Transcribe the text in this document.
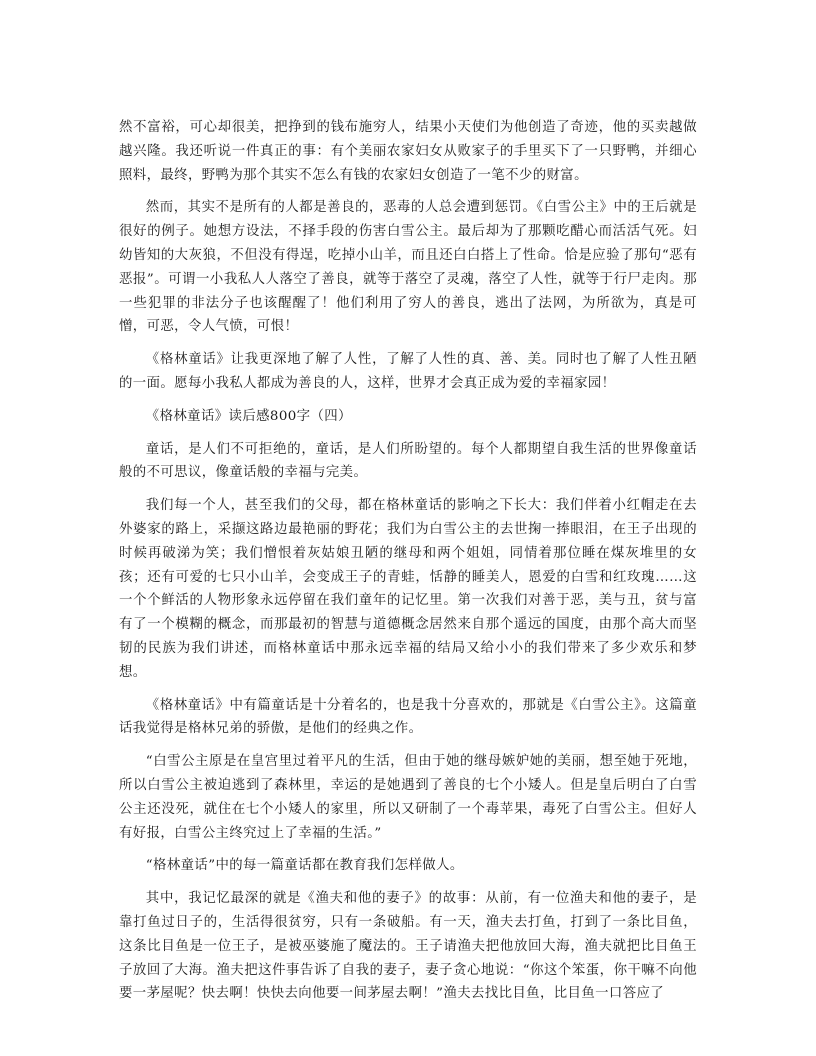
然不富裕，可心却很美，把挣到的钱布施穷人，结果小天使们为他创造了奇迹，他的买卖越做越兴隆。我还听说一件真正的事：有个美丽农家妇女从败家子的手里买下了一只野鸭，并细心照料，最终，野鸭为那个其实不怎么有钱的农家妇女创造了一笔不少的财富。

然而，其实不是所有的人都是善良的，恶毒的人总会遭到惩罚。《白雪公主》中的王后就是很好的例子。她想方设法，不择手段的伤害白雪公主。最后却为了那颗吃醋心而活活气死。妇幼皆知的大灰狼，不但没有得逞，吃掉小山羊，而且还白白搭上了性命。恰是应验了那句“恶有恶报”。可谓一小我私人人落空了善良，就等于落空了灵魂，落空了人性，就等于行尸走肉。那一些犯罪的非法分子也该醒醒了！他们利用了穷人的善良，逃出了法网，为所欲为，真是可憎，可恶，令人气愤，可恨！

《格林童话》让我更深地了解了人性，了解了人性的真、善、美。同时也了解了人性丑陋的一面。愿每小我私人都成为善良的人，这样，世界才会真正成为爱的幸福家园！

《格林童话》读后感800字（四）

童话，是人们不可拒绝的，童话，是人们所盼望的。每个人都期望自我生活的世界像童话般的不可思议，像童话般的幸福与完美。

我们每一个人，甚至我们的父母，都在格林童话的影响之下长大：我们伴着小红帽走在去外婆家的路上，采撷这路边最艳丽的野花；我们为白雪公主的去世掬一捧眼泪，在王子出现的时候再破涕为笑；我们憎恨着灰姑娘丑陋的继母和两个姐姐，同情着那位睡在煤灰堆里的女孩；还有可爱的七只小山羊，会变成王子的青蛙，恬静的睡美人，恩爱的白雪和红玫瑰……这一个个鲜活的人物形象永远停留在我们童年的记忆里。第一次我们对善于恶，美与丑，贫与富有了一个模糊的概念，而那最初的智慧与道德概念居然来自那个遥远的国度，由那个高大而坚韧的民族为我们讲述，而格林童话中那永远幸福的结局又给小小的我们带来了多少欢乐和梦想。

《格林童话》中有篇童话是十分着名的，也是我十分喜欢的，那就是《白雪公主》。这篇童话我觉得是格林兄弟的骄傲，是他们的经典之作。

“白雪公主原是在皇宫里过着平凡的生活，但由于她的继母嫉妒她的美丽，想至她于死地，所以白雪公主被迫逃到了森林里，幸运的是她遇到了善良的七个小矮人。但是皇后明白了白雪公主还没死，就住在七个小矮人的家里，所以又研制了一个毒苹果，毒死了白雪公主。但好人有好报，白雪公主终究过上了幸福的生活。”

“格林童话”中的每一篇童话都在教育我们怎样做人。

其中，我记忆最深的就是《渔夫和他的妻子》的故事：从前，有一位渔夫和他的妻子，是靠打鱼过日子的，生活得很贫穷，只有一条破船。有一天，渔夫去打鱼，打到了一条比目鱼，这条比目鱼是一位王子，是被巫婆施了魔法的。王子请渔夫把他放回大海，渔夫就把比目鱼王子放回了大海。渔夫把这件事告诉了自我的妻子，妻子贪心地说：“你这个笨蛋，你干嘛不向他要一茅屋呢？快去啊！快快去向他要一间茅屋去啊！”渔夫去找比目鱼，比目鱼一口答应了
